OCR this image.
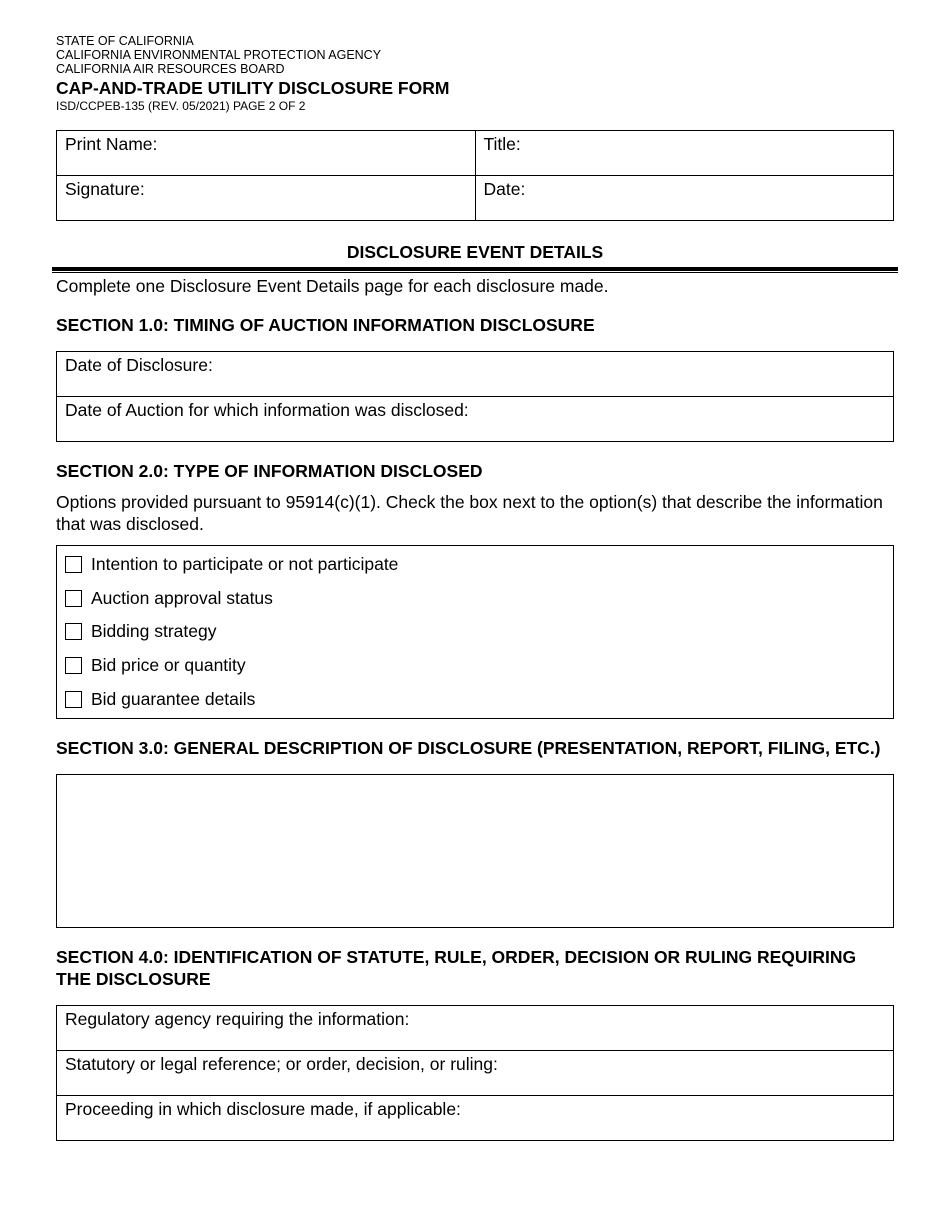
STATE OF CALIFORNIA
CALIFORNIA ENVIRONMENTAL PROTECTION AGENCY
CALIFORNIA AIR RESOURCES BOARD
CAP-AND-TRADE UTILITY DISCLOSURE FORM
ISD/CCPEB-135 (REV. 05/2021) PAGE 2 OF 2
Print Name:	Title:
Signature:	Date:
DISCLOSURE EVENT DETAILS
Complete one Disclosure Event Details page for each disclosure made.
SECTION 1.0: TIMING OF AUCTION INFORMATION DISCLOSURE
Date of Disclosure:
Date of Auction for which information was disclosed:
SECTION 2.0: TYPE OF INFORMATION DISCLOSED
Options provided pursuant to 95914(c)(1). Check the box next to the option(s) that describe the information that was disclosed.
Intention to participate or not participate
Auction approval status
Bidding strategy
Bid price or quantity
Bid guarantee details
SECTION 3.0: GENERAL DESCRIPTION OF DISCLOSURE (PRESENTATION, REPORT, FILING, ETC.)
SECTION 4.0: IDENTIFICATION OF STATUTE, RULE, ORDER, DECISION OR RULING REQUIRING THE DISCLOSURE
Regulatory agency requiring the information:
Statutory or legal reference; or order, decision, or ruling:
Proceeding in which disclosure made, if applicable:
